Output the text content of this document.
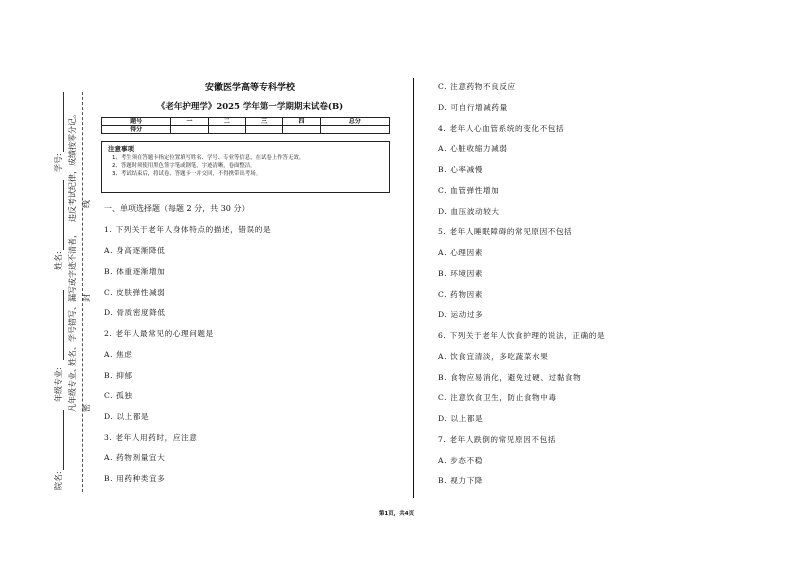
学号:
姓名:
年级专业:
院名:
违反考试纪律，成绩按零分记。
姓名、学号错写、漏写或字迹不清者，
凡年级专业、
线
封
密
安徽医学高等专科学校
《老年护理学》2025 学年第一学期期末试卷(B)
题号	一	二	三	四	总分
得分					
注意事项
1、考生须在答题卡指定位置填写姓名、学号、专业等信息，在试卷上作答无效。
2、答题时须使用黑色签字笔或钢笔，字迹清晰，卷面整洁。
3、考试结束后，将试卷、答题卡一并交回，不得携带出考场。
一、单项选择题（每题 2 分，共 30 分）
1. 下列关于老年人身体特点的描述，错误的是
A. 身高逐渐降低
B. 体重逐渐增加
C. 皮肤弹性减弱
D. 骨质密度降低
2. 老年人最常见的心理问题是
A. 焦虑
B. 抑郁
C. 孤独
D. 以上都是
3. 老年人用药时，应注意
A. 药物剂量宜大
B. 用药种类宜多
C. 注意药物不良反应
D. 可自行增减药量
4. 老年人心血管系统的变化不包括
A. 心脏收缩力减弱
B. 心率减慢
C. 血管弹性增加
D. 血压波动较大
5. 老年人睡眠障碍的常见原因不包括
A. 心理因素
B. 环境因素
C. 药物因素
D. 运动过多
6. 下列关于老年人饮食护理的说法，正确的是
A. 饮食宜清淡，多吃蔬菜水果
B. 食物应易消化，避免过硬、过黏食物
C. 注意饮食卫生，防止食物中毒
D. 以上都是
7. 老年人跌倒的常见原因不包括
A. 步态不稳
B. 视力下降
第1页，共4页
